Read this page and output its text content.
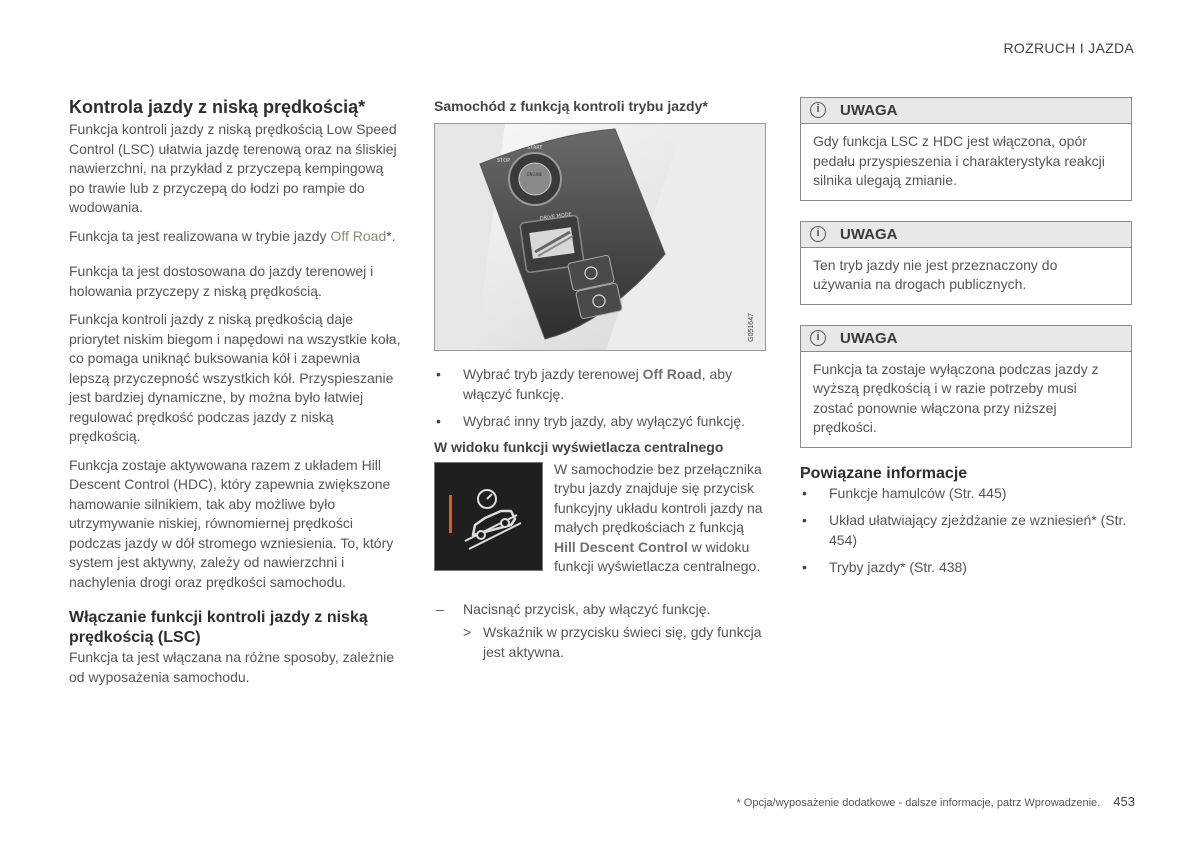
ROZRUCH I JAZDA
Kontrola jazdy z niską prędkością*

Funkcja kontroli jazdy z niską prędkością Low Speed Control (LSC) ułatwia jazdę terenową oraz na śliskiej nawierzchni, na przykład z przyczepą kempingową po trawie lub z przyczepą do łodzi po rampie do wodowania.

Funkcja ta jest realizowana w trybie jazdy Off Road*.

Funkcja ta jest dostosowana do jazdy terenowej i holowania przyczepy z niską prędkością.

Funkcja kontroli jazdy z niską prędkością daje priorytet niskim biegom i napędowi na wszystkie koła, co pomaga uniknąć buksowania kół i zapewnia lepszą przyczepność wszystkich kół. Przyspieszanie jest bardziej dynamiczne, by można było łatwiej regulować prędkość podczas jazdy z niską prędkością.

Funkcja zostaje aktywowana razem z układem Hill Descent Control (HDC), który zapewnia zwiększone hamowanie silnikiem, tak aby możliwe było utrzymywanie niskiej, równomiernej prędkości podczas jazdy w dół stromego wzniesienia. To, który system jest aktywny, zależy od nawierzchni i nachylenia drogi oraz prędkości samochodu.

Włączanie funkcji kontroli jazdy z niską prędkością (LSC)

Funkcja ta jest włączana na różne sposoby, zależnie od wyposażenia samochodu.

Samochód z funkcją kontroli trybu jazdy*
STOP
START
ENGINE
DRIVE MODE
G051647
• Wybrać tryb jazdy terenowej Off Road, aby włączyć funkcję.
• Wybrać inny tryb jazdy, aby wyłączyć funkcję.
W widoku funkcji wyświetlacza centralnego
W samochodzie bez przełącznika trybu jazdy znajduje się przycisk funkcyjny układu kontroli jazdy na małych prędkościach z funkcją Hill Descent Control w widoku funkcji wyświetlacza centralnego.
– Nacisnąć przycisk, aby włączyć funkcję.
> Wskaźnik w przycisku świeci się, gdy funkcja jest aktywna.
i	UWAGA
Gdy funkcja LSC z HDC jest włączona, opór pedału przyspieszenia i charakterystyka reakcji silnika ulegają zmianie.
i	UWAGA
Ten tryb jazdy nie jest przeznaczony do używania na drogach publicznych.
i	UWAGA
Funkcja ta zostaje wyłączona podczas jazdy z wyższą prędkością i w razie potrzeby musi zostać ponownie włączona przy niższej prędkości.
Powiązane informacje
• Funkcje hamulców (Str. 445)
• Układ ułatwiający zjeżdżanie ze wzniesień* (Str. 454)
• Tryby jazdy* (Str. 438)
* Opcja/wyposażenie dodatkowe - dalsze informacje, patrz Wprowadzenie. 453
